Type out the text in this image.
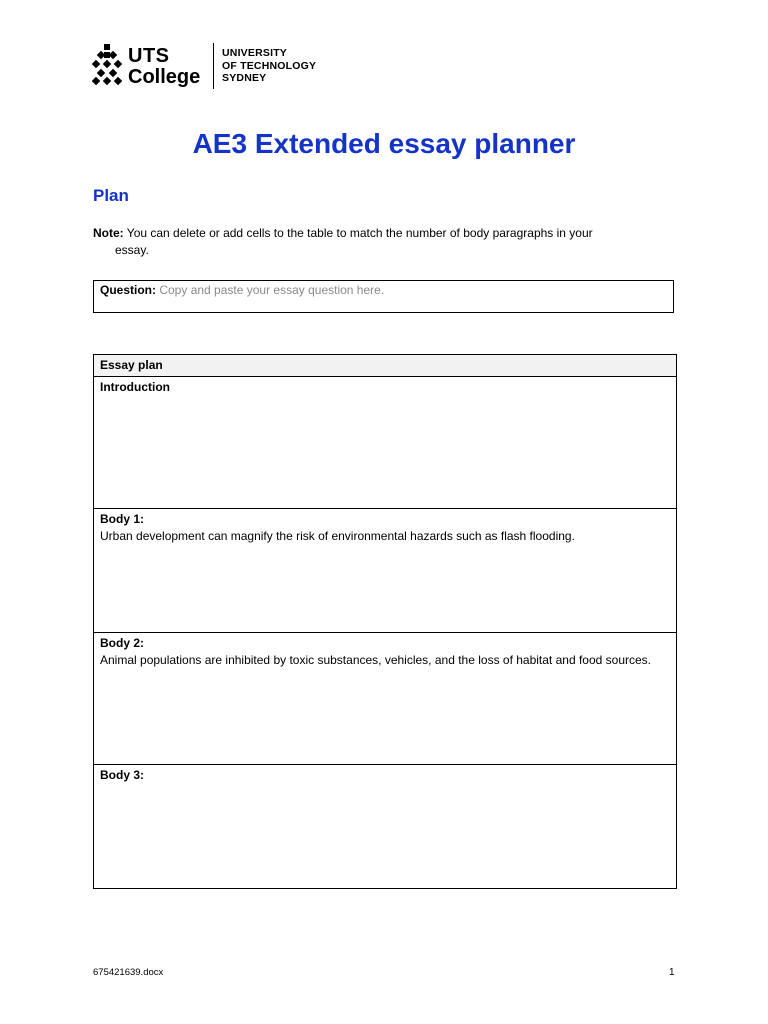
UTS
College
UNIVERSITY
OF TECHNOLOGY
SYDNEY
AE3 Extended essay planner
Plan
Note: You can delete or add cells to the table to match the number of body paragraphs in your
essay.
Question: Copy and paste your essay question here.
Essay plan

Introduction

Body 1:
Urban development can magnify the risk of environmental hazards such as flash flooding.

Body 2:
Animal populations are inhibited by toxic substances, vehicles, and the loss of habitat and food sources.

Body 3:
675421639.docx	1
